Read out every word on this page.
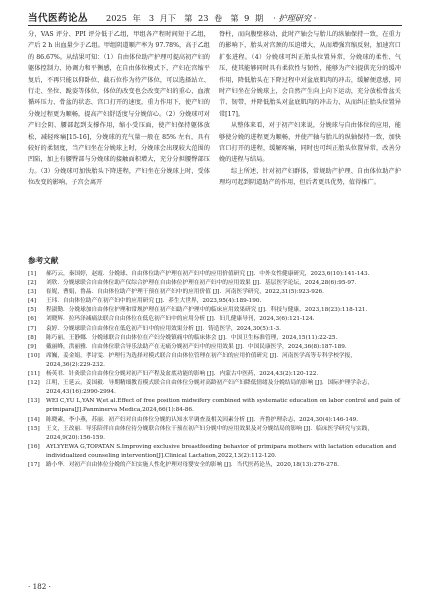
当代医药论丛 2025 年　3 月下　第 23 卷　第 9 期 · 护理研究 ·

分，VAS 评分、PPI 评分低于乙组，甲组各产程时间短于乙组，产后 2 h 出血量少于乙组。甲组阴道顺产率为 97.78%，高于乙组的 86.67%。从结果可知：（1）自由体位助产护理可提高初产妇的躯体控制力、协调力和平衡感，在自由体位模式下，产妇在宫缩平复后，不再只能以仰卧位、截石位作为待产体位，可以选择站立、行走、坐位、跪姿等体位，体位的改变也会改变产妇的重心，血液循环压力、骨盆的状态、宫口打开的速度，重力作用下，使产妇的分娩过程更为顺畅，提高产妇舒适度与分娩信心。（2）分娩球可对产妇会阴、腰部起到支撑作用，缩小受压面，使产妇保持躯体放松，减轻疼痛[15-16]，分娩球的充气量一般在 85% 左右，具有较好的柔韧度，当产妇坐在分娩球上时，分娩球会出现较大范围的凹陷，加上有腰臀部与分娩球的接触面积增大，充分分担腰臀部压力。（3）分娩球可加快胎头下降进程，产妇坐在分娩球上时，受体位改变的影响，子宫会离开

脊柱，而向腹壁移动，此时产轴会与胎儿的纵轴保持一致，在重力的影响下，胎头对宫颈的压迫增大，从而增强宫缩反射，加速宫口扩张进程。（4）分娩球可纠正胎头位置异常，分娩球的柔性、气压，使其能够同时具有柔软性与韧性，能够为产妇提供充分的缓冲作用，降低胎头在下降过程中对盆底肌肉的冲击，缓解便意感，同时产妇坐在分娩球上，会自然产生向上向下运动，充分放松骨盆关节、韧带，并降低胎头对盆底肌肉的冲击力，从而纠正胎头位置异常[17]。

从整体来看，对于初产妇来说，分娩球与自由体位的应用，能够使分娩的进程更为顺畅，并使产轴与胎儿的纵轴保持一致，加快宫口打开的进程，缓解疼痛，同时也可纠正胎头位置异常，改善分娩的进程与结局。

综上所述，针对初产妇群体，常规助产护理、自由体位助产护理均可起到阴道助产的作用，但后者更具优势，值得推广。

参考文献
[1]	郝巧云，秦国婷，赵霞．分娩球、自由体位助产护理在初产妇中的应用价值研究 [J]．中外女性健康研究，2023,6(10):141-143.
[2]	刘欣．分娩球联合自由体位助产仪综合护理在自由体位护理在初产妇中的应用效果 [J]．基层医学论坛，2024,28(6):95-97.
[3]	崔妮，曹娟，鲁晶．自由体位助产护理干预在初产妇中的应用价值 [J]．河南医学研究，2022,31(5):923-926.
[4]	王玮．自由体位助产在初产妇中的应用研究 [J]．养生大世界，2023,95(4):189-190.
[5]	程淑勤．分娩球加自由体位护理和常规护理在初产妇助产护理中的临床应用效果研究 [J]．科技与健康，2023,18(23):118-121.
[6]	刘晓辉．拉玛泽减痛法联合自由体位在低危初产妇中的应用分析 [J]．妇儿健康导刊，2024,3(6):121-124.
[7]	袁婷．分娩球联合自由体位在低危初产妇中的应用效果分析 [J]．铸造医学，2024,30(5):1-3.
[8]	陈巧丽，王静娜．分娩球联合自由体位在产妇分娩镇痛中的临床体会 [J]．中国卫生标准管理，2024,15(11):22-25.
[9]	戴丽峰，洪丽雅．自由体位联合导乐法助产在无痛分娩初产妇中的应用效果 [J]．中国民康医学，2024,36(8):187-189.
[10]	席巍，姜金娟，孝诗雯．护理行为选择对模式联合自由体位管理在初产妇的应用价值研究 [J]．河南医学高等专科学校学报，2024,36(2):229-232.
[11]	杨英君．针灸联合自由体位分娩对初产妇产程及盆底功能的影响 [J]．内蒙古中医药，2024,43(2):120-122.
[12]	江明，王延云，姜国毅．导期精细教育模式联合自由体位分娩对高龄初产妇产妇降低情绪及分娩结局的影响 [J]．国际护理学杂志，2024,43(16):2990-2994.
[13]	WEI C,YU L,YAN W,et al.Effect of free position midwifery combined with systematic education on labor control and pain of primipara[J].Panminerva Medica,2024,66(1):84-86.
[14]	陈晓素，李小燕，苏丽．初产妇对自由体位分娩的认知水平调查及相关因素分析 [J]．齐鲁护理杂志，2024,30(4):146-149.
[15]	王文，王改丽．导乐陪伴自由体位待分娩联合体位干预在初产妇分娩中的应用效果及对分娩结局的影响 [J]．临床医学研究与实践，2024,9(20):156-159.
[16]	AYLYYEWA G,TOPATAN S.Improving exclusive breastfeeding behavior of primipara mothers with lactation education and individualized counseling intervention[J].Clinical Lactation,2022,13(2):112-120.
[17]	路小华．对初产自由体位分娩的产妇实施人性化护理对母婴安全的影响 [J]．当代医药论丛，2020,18(13):276-278.
· 182 ·
